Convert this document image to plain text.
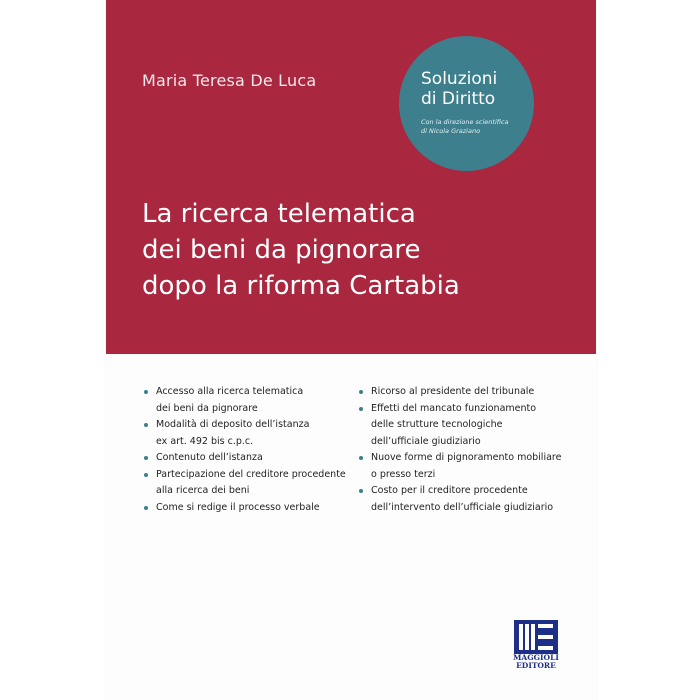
Maria Teresa De Luca	Soluzioni
di Diritto
Con la direzione scientifica
di Nicola Graziano
La ricerca telematica
dei beni da pignorare
dopo la riforma Cartabia
Accesso alla ricerca telematica
dei beni da pignorare
Modalità di deposito dell’istanza
ex art. 492 bis c.p.c.
Contenuto dell’istanza
Partecipazione del creditore procedente
alla ricerca dei beni
Come si redige il processo verbale
Ricorso al presidente del tribunale
Effetti del mancato funzionamento
delle strutture tecnologiche
dell’ufficiale giudiziario
Nuove forme di pignoramento mobiliare
o presso terzi
Costo per il creditore procedente
dell’intervento dell’ufficiale giudiziario
MAGGIOLI
EDITORE
